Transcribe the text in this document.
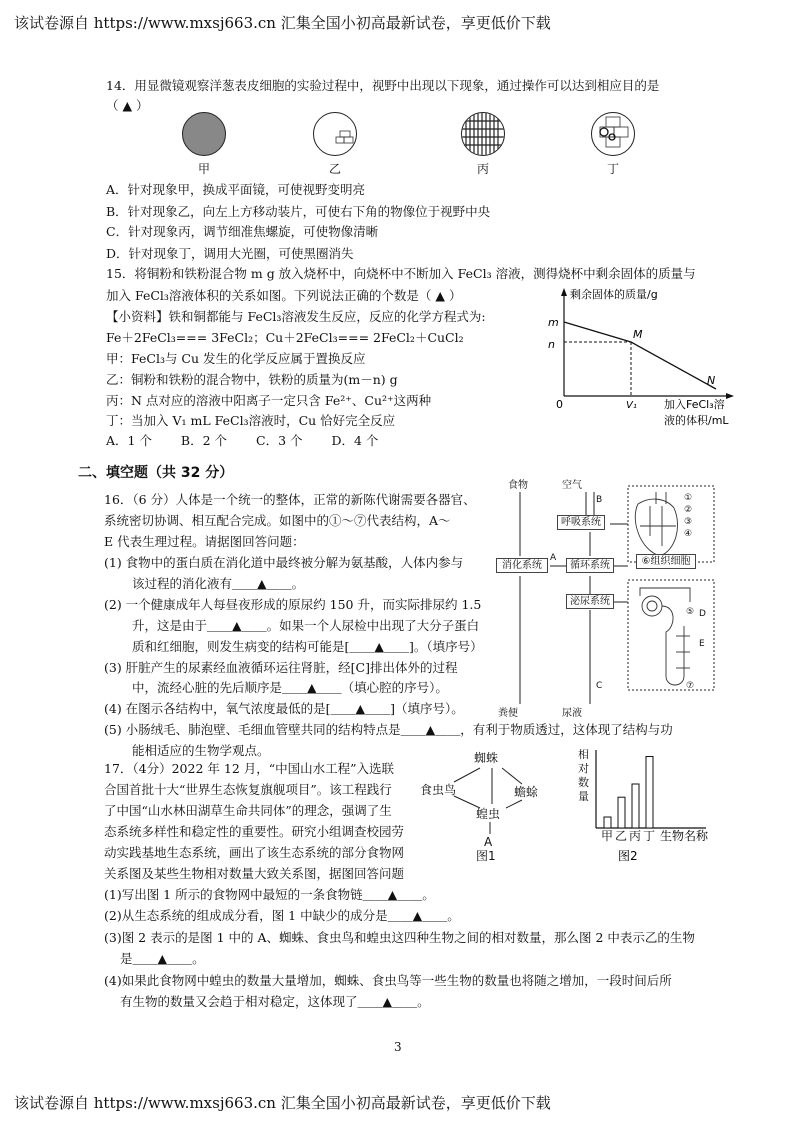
该试卷源自 https://www.mxsj663.cn 汇集全国小初高最新试卷，享更低价下载
14．用显微镜观察洋葱表皮细胞的实验过程中，视野中出现以下现象，通过操作可以达到相应目的是
（ ▲ ）
甲	乙	丙	丁
A．针对现象甲，换成平面镜，可使视野变明亮
B．针对现象乙，向左上方移动装片，可使右下角的物像位于视野中央
C．针对现象丙，调节细准焦螺旋，可使物像清晰
D．针对现象丁，调用大光圈，可使黑圈消失
15．将铜粉和铁粉混合物 m g 放入烧杯中，向烧杯中不断加入 FeCl₃ 溶液，测得烧杯中剩余固体的质量与
加入 FeCl₃溶液体积的关系如图。下列说法正确的个数是（ ▲ ）
【小资料】铁和铜都能与 FeCl₃溶液发生反应，反应的化学方程式为:
Fe＋2FeCl₃=== 3FeCl₂；Cu＋2FeCl₃=== 2FeCl₂＋CuCl₂
甲：FeCl₃与 Cu 发生的化学反应属于置换反应
乙：铜粉和铁粉的混合物中，铁粉的质量为(m－n) g
丙：N 点对应的溶液中阳离子一定只含 Fe²⁺、Cu²⁺这两种
丁：当加入 V₁ mL FeCl₃溶液时，Cu 恰好完全反应
A．1 个　　 B．2 个　　 C．3 个　　 D．4 个
剩余固体的质量/g
m
n
M
N
0	V₁ 加入FeCl₃溶
液的体积/mL
二、填空题（共 32 分）
16．（6 分）人体是一个统一的整体，正常的新陈代谢需要各器官、
系统密切协调、相互配合完成。如图中的①～⑦代表结构，A～
E 代表生理过程。请据图回答问题：
(1) 食物中的蛋白质在消化道中最终被分解为氨基酸，人体内参与
该过程的消化液有＿＿▲＿＿。
(2) 一个健康成年人每昼夜形成的原尿约 150 升，而实际排尿约 1.5
升，这是由于＿＿▲＿＿。如果一个人尿检中出现了大分子蛋白
质和红细胞，则发生病变的结构可能是[＿＿▲＿＿]。（填序号）
(3) 肝脏产生的尿素经血液循环运往肾脏，经[C]排出体外的过程
中，流经心脏的先后顺序是＿＿▲＿＿（填心腔的序号）。
(4) 在图示各结构中，氧气浓度最低的是[＿＿▲＿＿]（填序号）。
(5) 小肠绒毛、肺泡壁、毛细血管壁共同的结构特点是＿＿▲＿＿，有利于物质透过，这体现了结构与功
能相适应的生物学观点。
食物	空气
粪便	尿液
A
B
C
D
E
①
②
③
④
⑤
⑦
呼吸系统
消化系统	循环系统	⑥组织细胞
泌尿系统
17．（4分）2022 年 12 月，“中国山水工程”入选联
合国首批十大“世界生态恢复旗舰项目”。该工程践行
了中国“山水林田湖草生命共同体”的理念，强调了生
态系统多样性和稳定性的重要性。研究小组调查校园劳
动实践基地生态系统，画出了该生态系统的部分食物网
关系图及某些生物相对数量大致关系图，据图回答问题
(1)写出图 1 所示的食物网中最短的一条食物链＿＿▲＿＿。
(2)从生态系统的组成成分看，图 1 中缺少的成分是＿＿▲＿＿。
(3)图 2 表示的是图 1 中的 A、蜘蛛、食虫鸟和蝗虫这四种生物之间的相对数量，那么图 2 中表示乙的生物
是＿＿▲＿＿。
(4)如果此食物网中蝗虫的数量大量增加，蜘蛛、食虫鸟等一些生物的数量也将随之增加，一段时间后所
有生物的数量又会趋于相对稳定，这体现了＿＿▲＿＿。
蜘蛛
食虫鸟	蟾蜍
蝗虫
A
图1
相
对
数
量
甲 乙 丙 丁 生物名称
图2
3
该试卷源自 https://www.mxsj663.cn 汇集全国小初高最新试卷，享更低价下载
